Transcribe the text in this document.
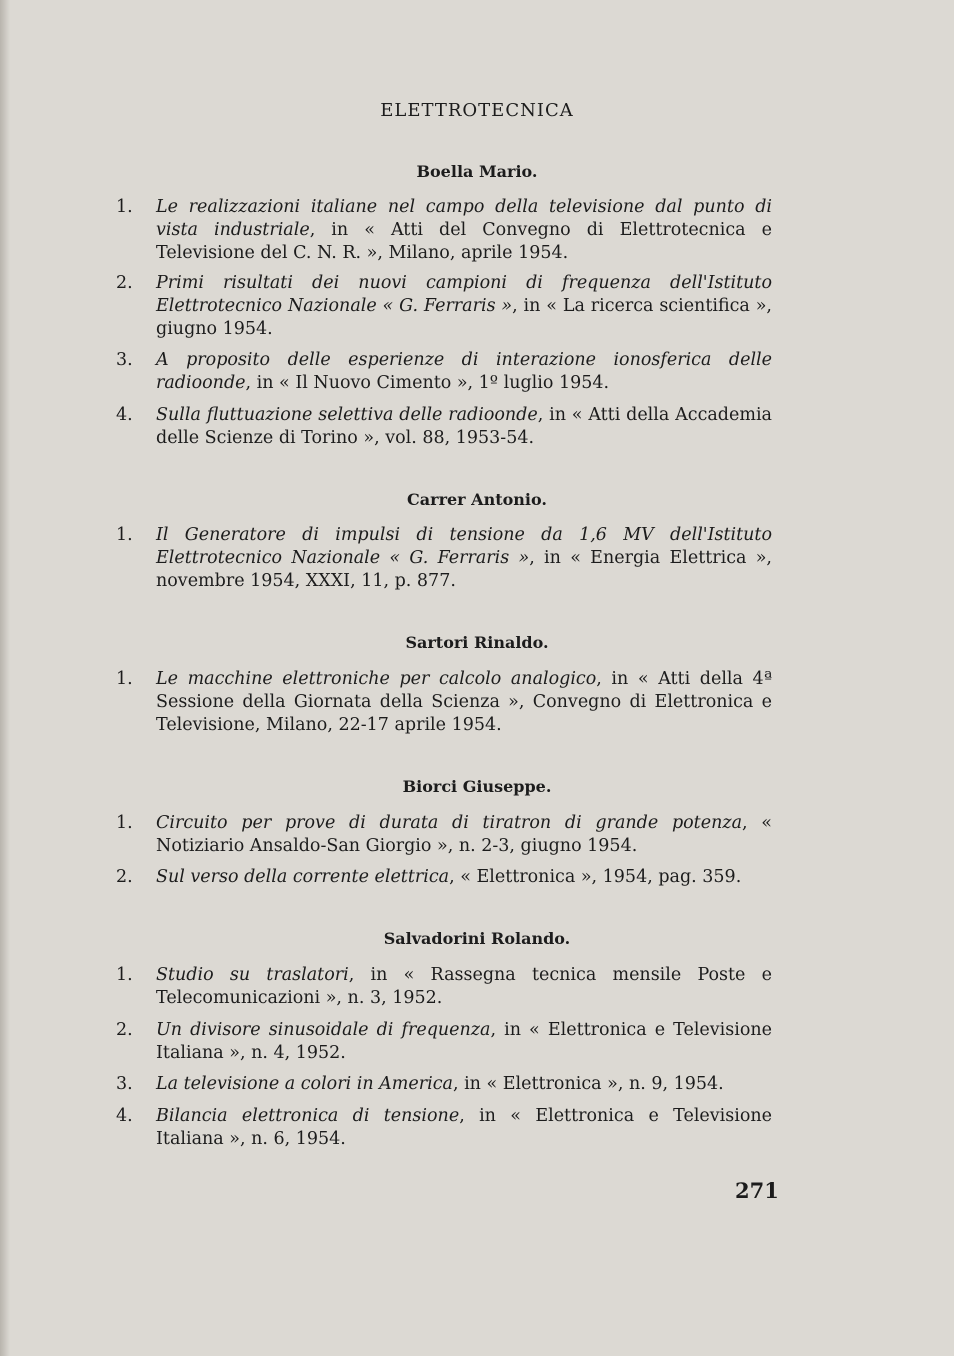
ELETTROTECNICA
Boella Mario.
1.	Le realizzazioni italiane nel campo della televisione dal punto di vista industriale, in « Atti del Convegno di Elettrotecnica e Televisione del C. N. R. », Milano, aprile 1954.
2.	Primi risultati dei nuovi campioni di frequenza dell'Istituto Elettrotecnico Nazionale « G. Ferraris », in « La ricerca scientifica », giugno 1954.
3.	A proposito delle esperienze di interazione ionosferica delle radioonde, in « Il Nuovo Cimento », 1º luglio 1954.
4.	Sulla fluttuazione selettiva delle radioonde, in « Atti della Accademia delle Scienze di Torino », vol. 88, 1953-54.
Carrer Antonio.
1.	Il Generatore di impulsi di tensione da 1,6 MV dell'Istituto Elettrotecnico Nazionale « G. Ferraris », in « Energia Elettrica », novembre 1954, XXXI, 11, p. 877.
Sartori Rinaldo.
1.	Le macchine elettroniche per calcolo analogico, in « Atti della 4ª Sessione della Giornata della Scienza », Convegno di Elettronica e Televisione, Milano, 22-17 aprile 1954.
Biorci Giuseppe.
1.	Circuito per prove di durata di tiratron di grande potenza, « Notiziario Ansaldo-San Giorgio », n. 2-3, giugno 1954.
2.	Sul verso della corrente elettrica, « Elettronica », 1954, pag. 359.
Salvadorini Rolando.
1.	Studio su traslatori, in « Rassegna tecnica mensile Poste e Telecomunicazioni », n. 3, 1952.
2.	Un divisore sinusoidale di frequenza, in « Elettronica e Televisione Italiana », n. 4, 1952.
3.	La televisione a colori in America, in « Elettronica », n. 9, 1954.
4.	Bilancia elettronica di tensione, in « Elettronica e Televisione Italiana », n. 6, 1954.
271
